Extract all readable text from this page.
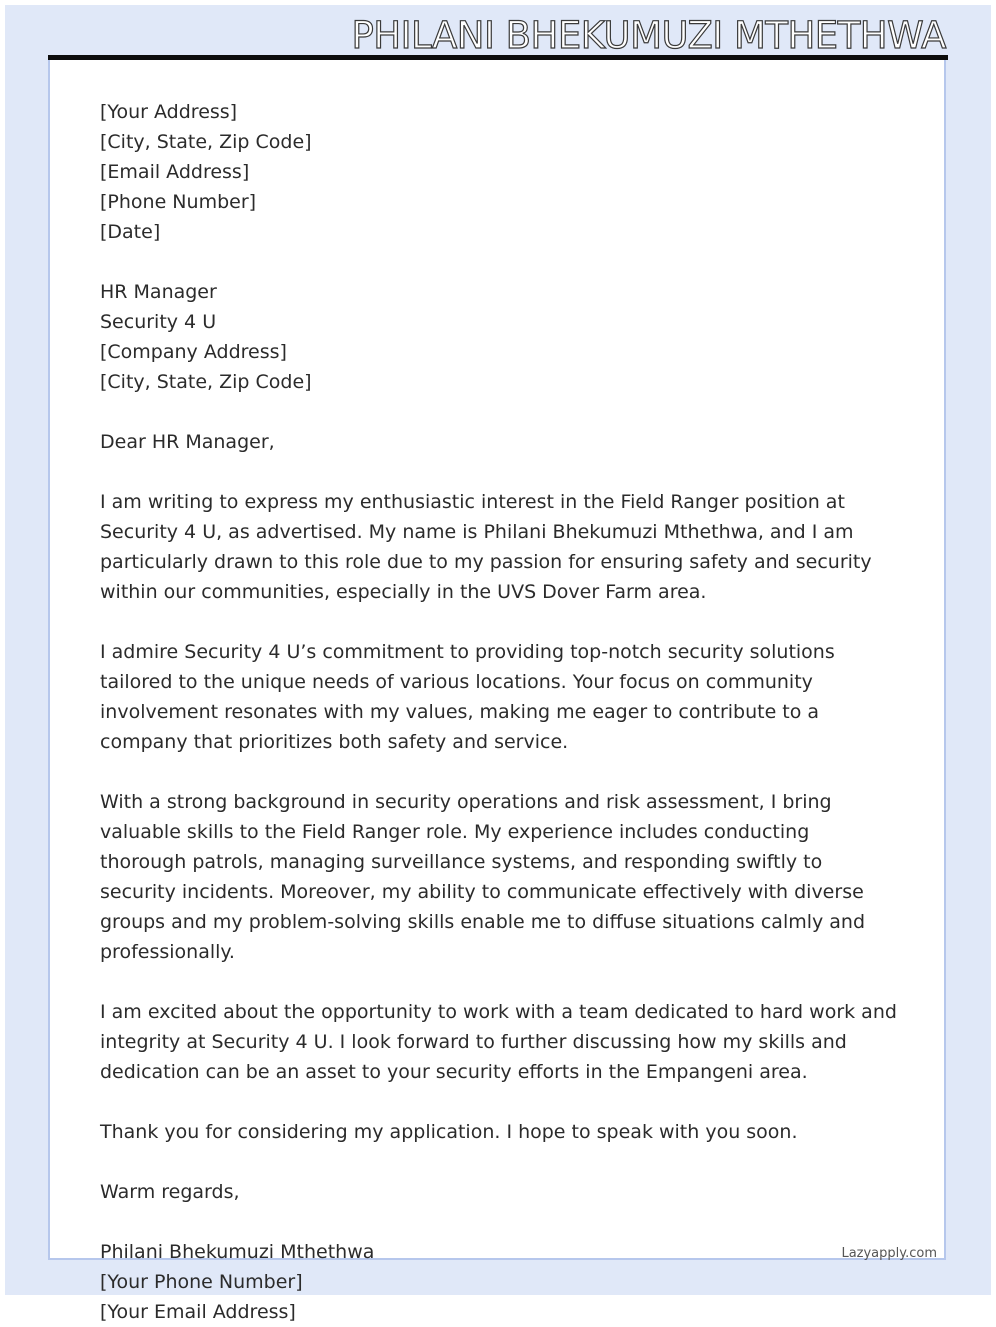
PHILANI BHEKUMUZI MTHETHWA
[Your Address]
[City, State, Zip Code]
[Email Address]
[Phone Number]
[Date]
HR Manager
Security 4 U
[Company Address]
[City, State, Zip Code]
Dear HR Manager,
I am writing to express my enthusiastic interest in the Field Ranger position at Security 4 U, as advertised. My name is Philani Bhekumuzi Mthethwa, and I am particularly drawn to this role due to my passion for ensuring safety and security within our communities, especially in the UVS Dover Farm area.
I admire Security 4 U’s commitment to providing top-notch security solutions tailored to the unique needs of various locations. Your focus on community involvement resonates with my values, making me eager to contribute to a company that prioritizes both safety and service.
With a strong background in security operations and risk assessment, I bring valuable skills to the Field Ranger role. My experience includes conducting thorough patrols, managing surveillance systems, and responding swiftly to security incidents. Moreover, my ability to communicate effectively with diverse groups and my problem-solving skills enable me to diffuse situations calmly and professionally.
I am excited about the opportunity to work with a team dedicated to hard work and integrity at Security 4 U. I look forward to further discussing how my skills and dedication can be an asset to your security efforts in the Empangeni area.
Thank you for considering my application. I hope to speak with you soon.
Warm regards,
Philani Bhekumuzi Mthethwa
[Your Phone Number]
[Your Email Address]
Lazyapply.com
